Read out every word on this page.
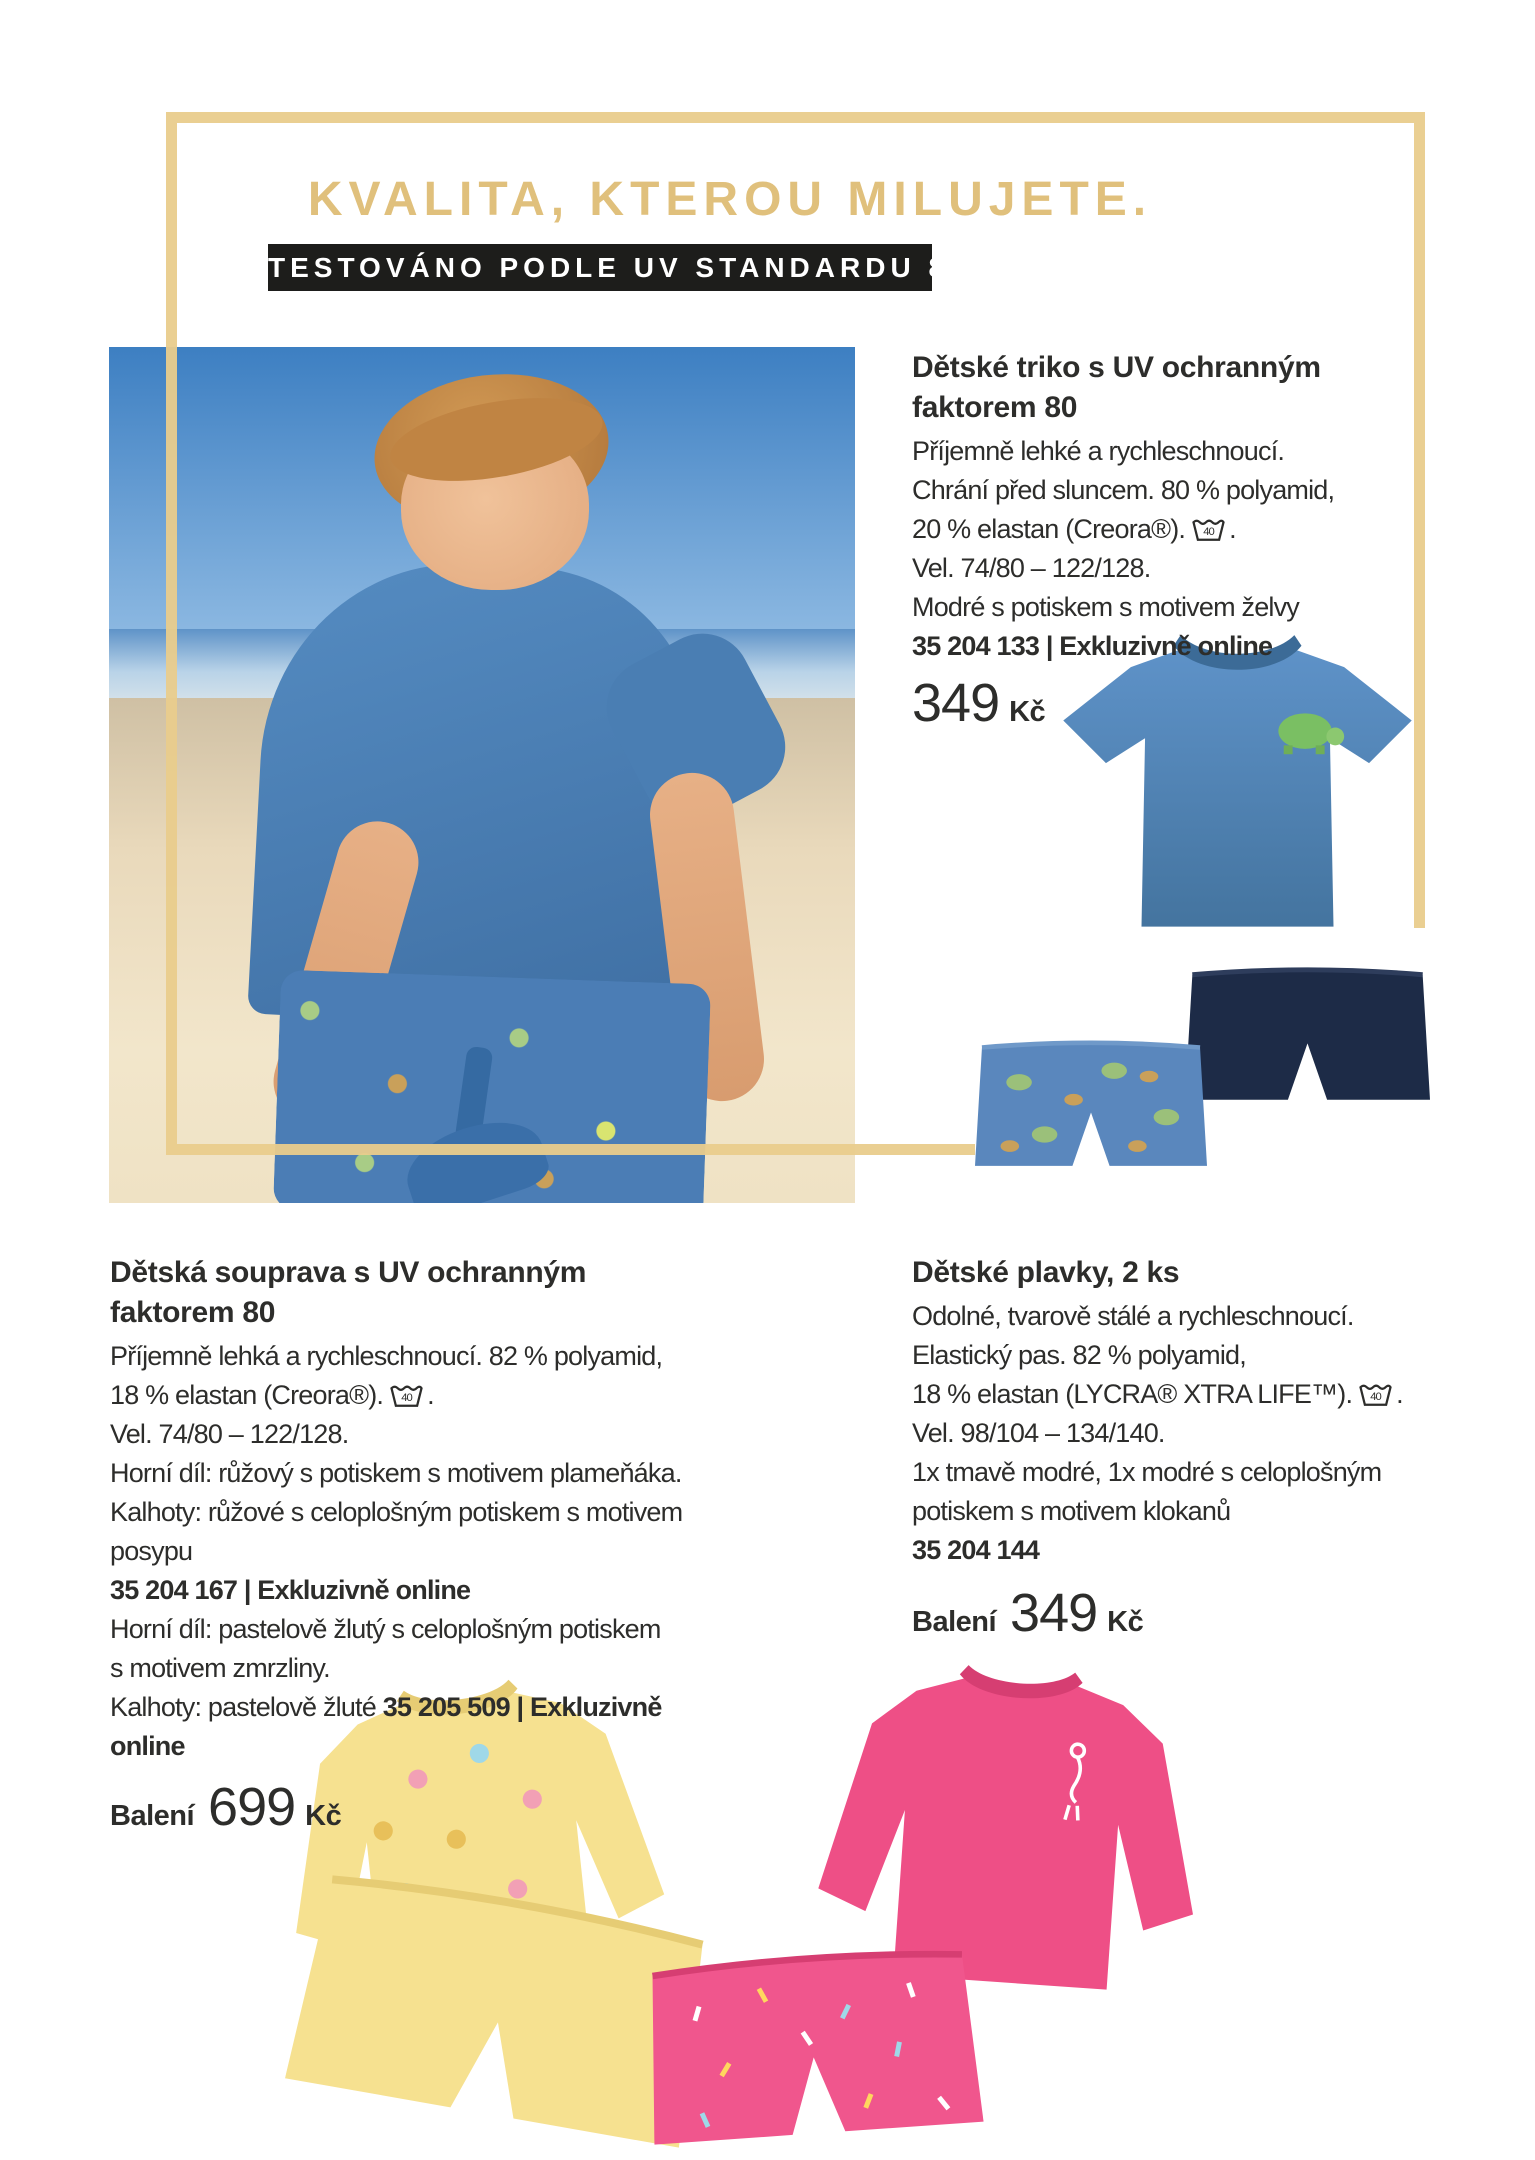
KVALITA, KTEROU MILUJETE.
TESTOVÁNO PODLE UV STANDARDU 80
Dětské triko s UV ochranným
faktorem 80
Příjemně lehké a rychleschnoucí.
Chrání před sluncem. 80 % polyamid,
20 % elastan (Creora®). 40 .
Vel. 74/80 – 122/128.
Modré s potiskem s motivem želvy
35 204 133 | Exkluzivně online
349 Kč
Dětská souprava s UV ochranným faktorem 80
Příjemně lehká a rychleschnoucí. 82 % polyamid,
18 % elastan (Creora®). 40 .
Vel. 74/80 – 122/128.
Horní díl: růžový s potiskem s motivem plameňáka.
Kalhoty: růžové s celoplošným potiskem s motivem posypu
35 204 167 | Exkluzivně online
Horní díl: pastelově žlutý s celoplošným potiskem
s motivem zmrzliny.
Kalhoty: pastelově žluté 35 205 509 | Exkluzivně online
Balení 699 Kč
Dětské plavky, 2 ks
Odolné, tvarově stálé a rychleschnoucí.
Elastický pas. 82 % polyamid,
18 % elastan (LYCRA® XTRA LIFE™). 40 .
Vel. 98/104 – 134/140.
1x tmavě modré, 1x modré s celoplošným
potiskem s motivem klokanů
35 204 144
Balení 349 Kč
